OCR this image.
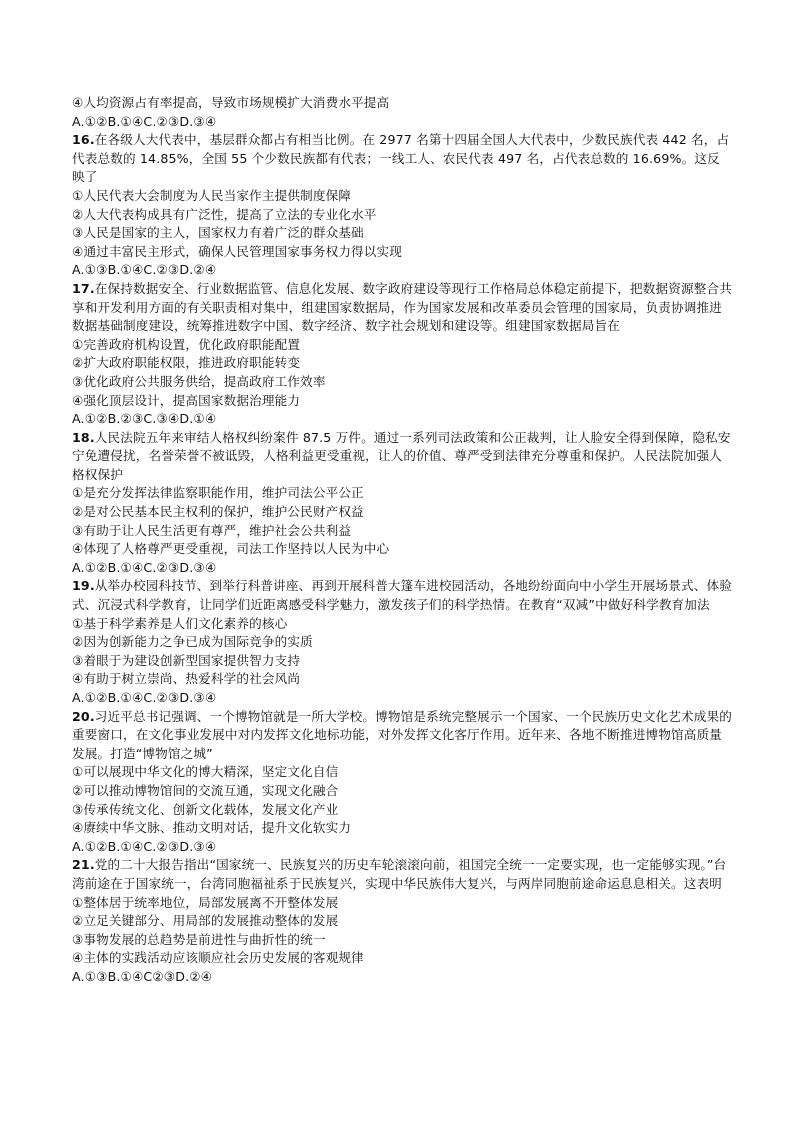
④人均资源占有率提高，导致市场规模扩大消费水平提高
A.①②B.①④C.②③D.③④
16.在各级人大代表中，基层群众都占有相当比例。在 2977 名第十四届全国人大代表中，少数民族代表 442 名，占代表总数的 14.85%，全国 55 个少数民族都有代表；一线工人、农民代表 497 名，占代表总数的 16.69%。这反映了
①人民代表大会制度为人民当家作主提供制度保障
②人大代表构成具有广泛性，提高了立法的专业化水平
③人民是国家的主人，国家权力有着广泛的群众基础
④通过丰富民主形式，确保人民管理国家事务权力得以实现
A.①③B.①④C.②③D.②④
17.在保持数据安全、行业数据监管、信息化发展、数字政府建设等现行工作格局总体稳定前提下，把数据资源整合共享和开发利用方面的有关职责相对集中，组建国家数据局，作为国家发展和改革委员会管理的国家局，负责协调推进数据基础制度建设，统筹推进数字中国、数字经济、数字社会规划和建设等。组建国家数据局旨在
①完善政府机构设置，优化政府职能配置
②扩大政府职能权限，推进政府职能转变
③优化政府公共服务供给，提高政府工作效率
④强化顶层设计，提高国家数据治理能力
A.①②B.②③C.③④D.①④
18.人民法院五年来审结人格权纠纷案件 87.5 万件。通过一系列司法政策和公正裁判，让人脸安全得到保障，隐私安宁免遭侵扰，名誉荣誉不被诋毁，人格利益更受重视，让人的价值、尊严受到法律充分尊重和保护。人民法院加强人格权保护
①是充分发挥法律监察职能作用，维护司法公平公正
②是对公民基本民主权利的保护，维护公民财产权益
③有助于让人民生活更有尊严，维护社会公共利益
④体现了人格尊严更受重视，司法工作坚持以人民为中心
A.①②B.①④C.②③D.③④
19.从举办校园科技节、到举行科普讲座、再到开展科普大篷车进校园活动，各地纷纷面向中小学生开展场景式、体验式、沉浸式科学教育，让同学们近距离感受科学魅力，激发孩子们的科学热情。在教育“双减”中做好科学教育加法
①基于科学素养是人们文化素养的核心
②因为创新能力之争已成为国际竞争的实质
③着眼于为建设创新型国家提供智力支持
④有助于树立崇尚、热爱科学的社会风尚
A.①②B.①④C.②③D.③④
20.习近平总书记强调、一个博物馆就是一所大学校。博物馆是系统完整展示一个国家、一个民族历史文化艺术成果的重要窗口，在文化事业发展中对内发挥文化地标功能，对外发挥文化客厅作用。近年来、各地不断推进博物馆高质量发展。打造“博物馆之城”
①可以展现中华文化的博大精深，坚定文化自信
②可以推动博物馆间的交流互通，实现文化融合
③传承传统文化、创新文化载体，发展文化产业
④赓续中华文脉、推动文明对话，提升文化软实力
A.①②B.①④C.②③D.③④
21.党的二十大报告指出“国家统一、民族复兴的历史车轮滚滚向前，祖国完全统一一定要实现，也一定能够实现。”台湾前途在于国家统一，台湾同胞福祉系于民族复兴，实现中华民族伟大复兴，与两岸同胞前途命运息息相关。这表明
①整体居于统率地位，局部发展离不开整体发展
②立足关键部分、用局部的发展推动整体的发展
③事物发展的总趋势是前进性与曲折性的统一
④主体的实践活动应该顺应社会历史发展的客观规律
A.①③B.①④C②③D.②④
